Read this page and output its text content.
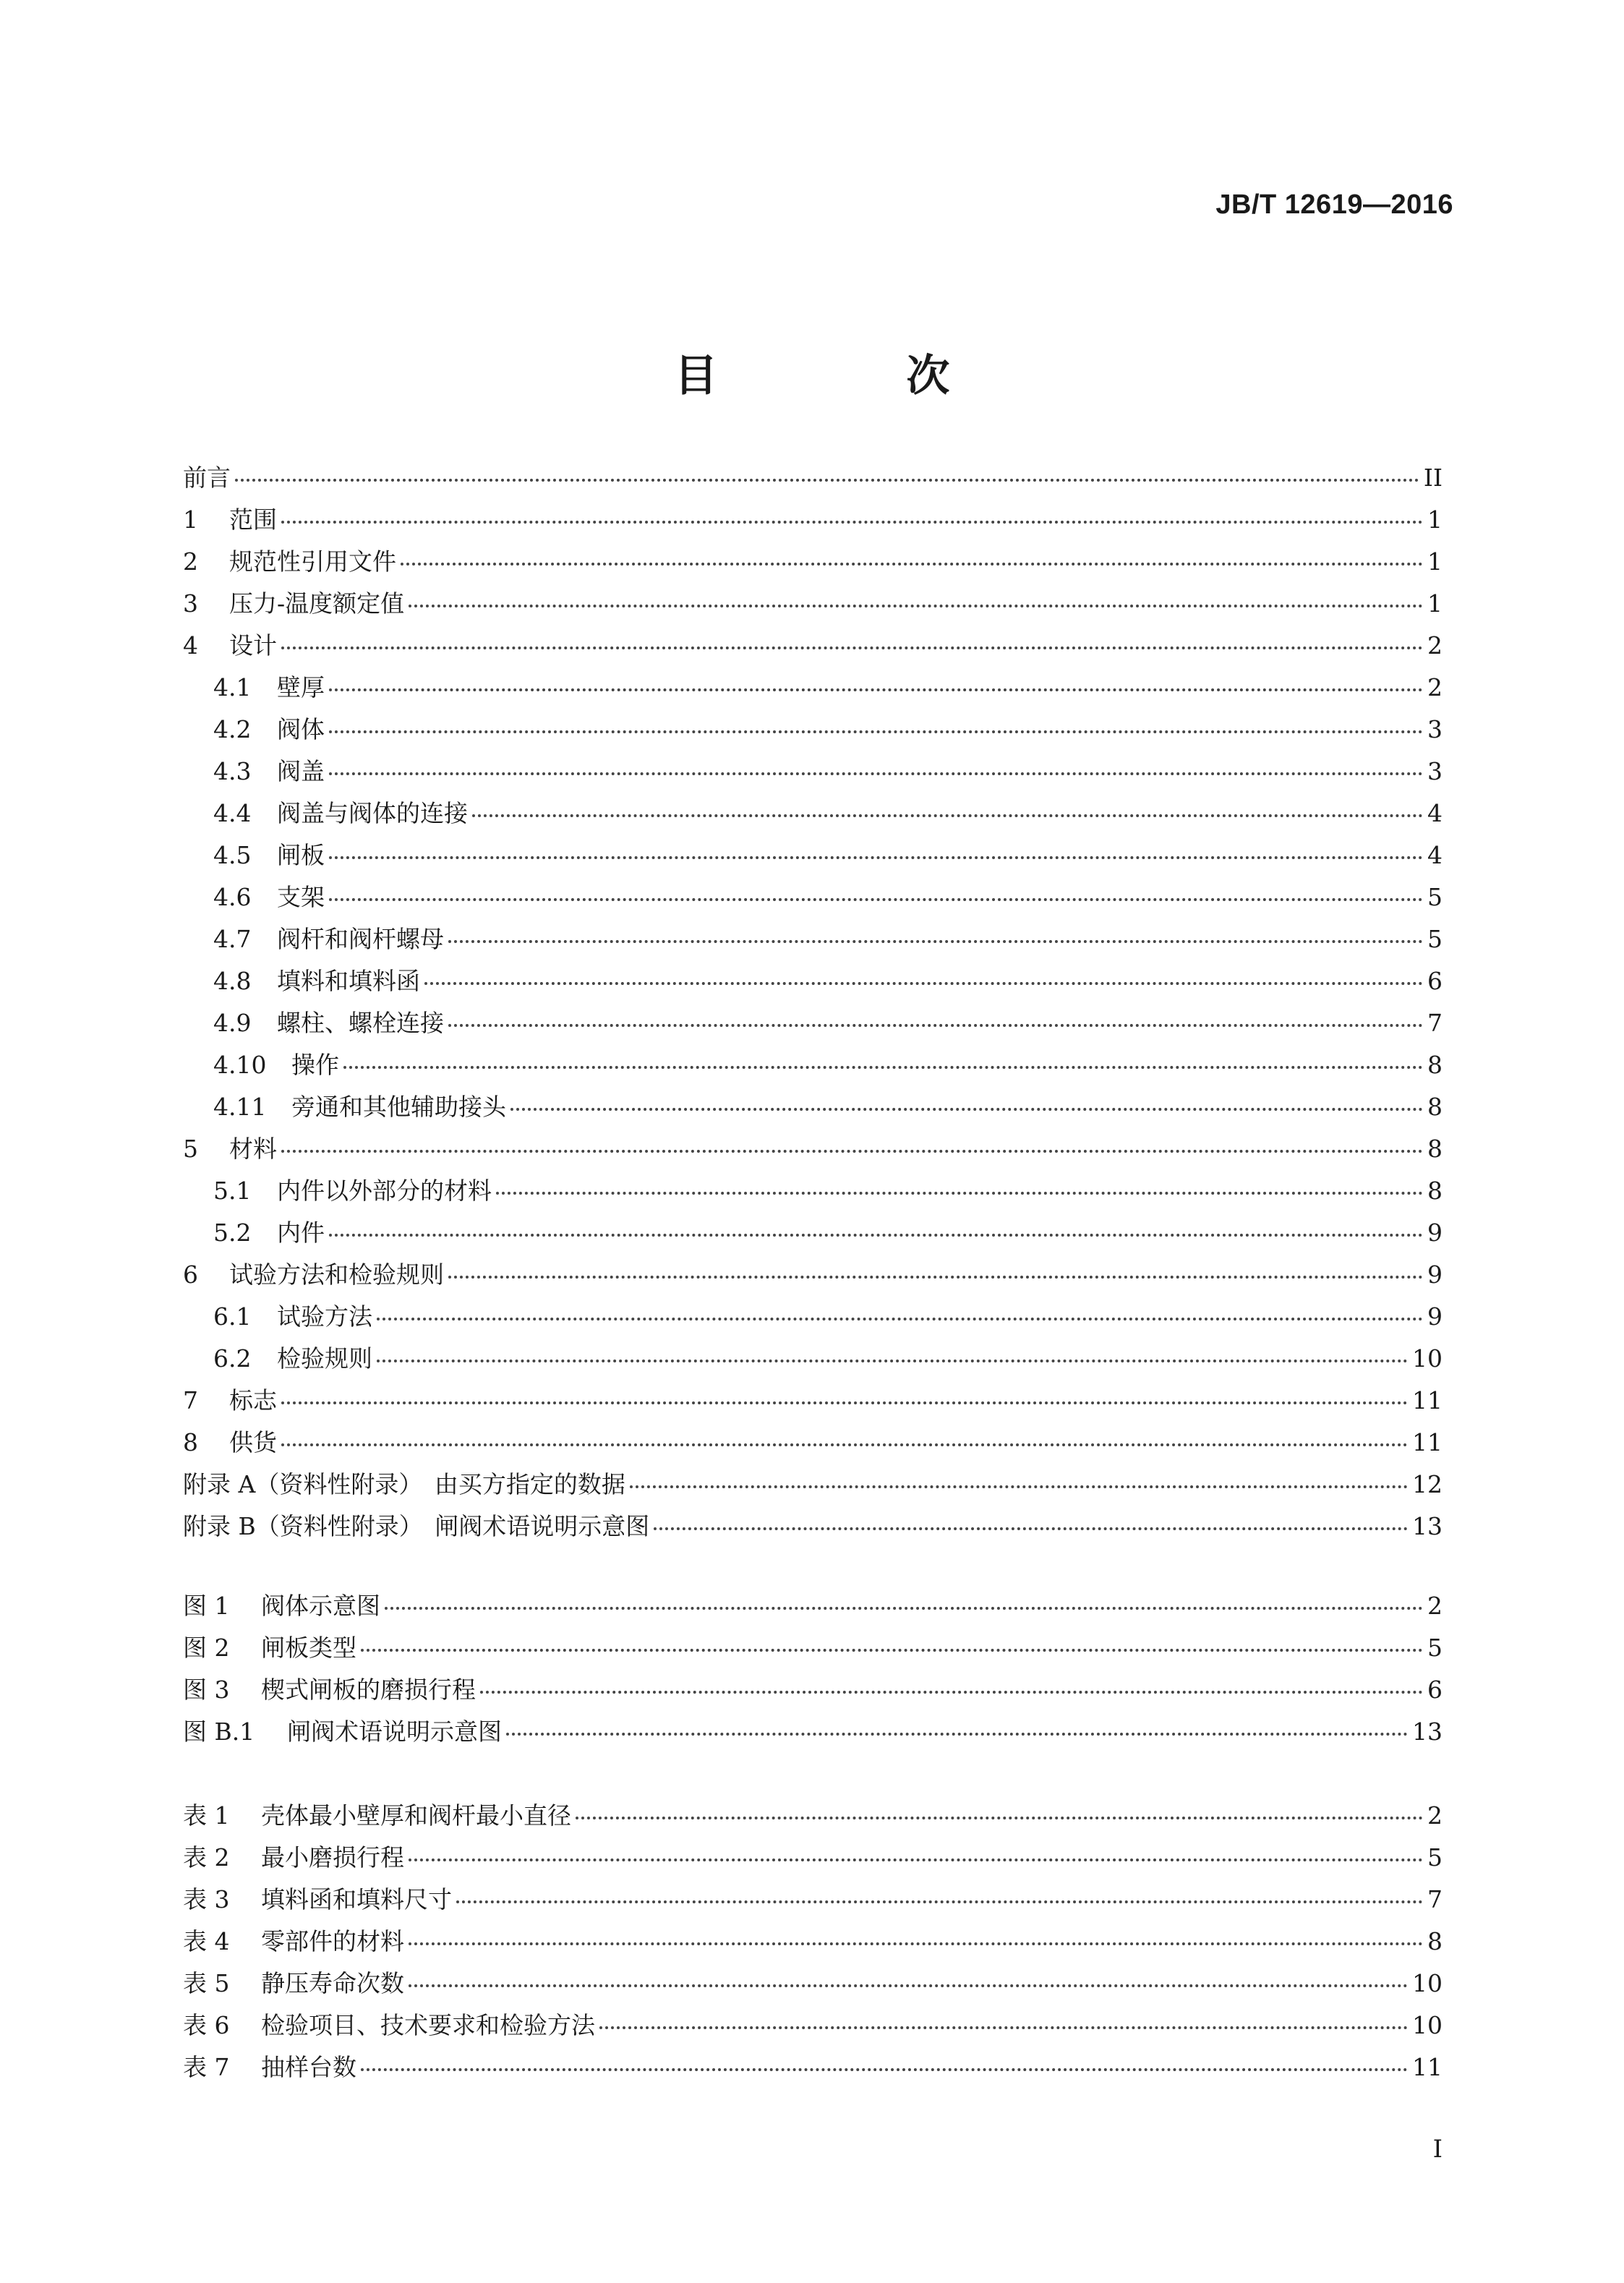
JB/T 12619—2016
目 次
前言	II
1	范围	1
2	规范性引用文件	1
3	压力-温度额定值	1
4	设计	2
4.1	壁厚	2
4.2	阀体	3
4.3	阀盖	3
4.4	阀盖与阀体的连接	4
4.5	闸板	4
4.6	支架	5
4.7	阀杆和阀杆螺母	5
4.8	填料和填料函	6
4.9	螺柱、螺栓连接	7
4.10	操作	8
4.11	旁通和其他辅助接头	8
5	材料	8
5.1	内件以外部分的材料	8
5.2	内件	9
6	试验方法和检验规则	9
6.1	试验方法	9
6.2	检验规则	10
7	标志	11
8	供货	11
附录 A（资料性附录）　由买方指定的数据	12
附录 B（资料性附录）　闸阀术语说明示意图	13
图 1	阀体示意图	2
图 2	闸板类型	5
图 3	楔式闸板的磨损行程	6
图 B.1	闸阀术语说明示意图	13
表 1	壳体最小壁厚和阀杆最小直径	2
表 2	最小磨损行程	5
表 3	填料函和填料尺寸	7
表 4	零部件的材料	8
表 5	静压寿命次数	10
表 6	检验项目、技术要求和检验方法	10
表 7	抽样台数	11
I
